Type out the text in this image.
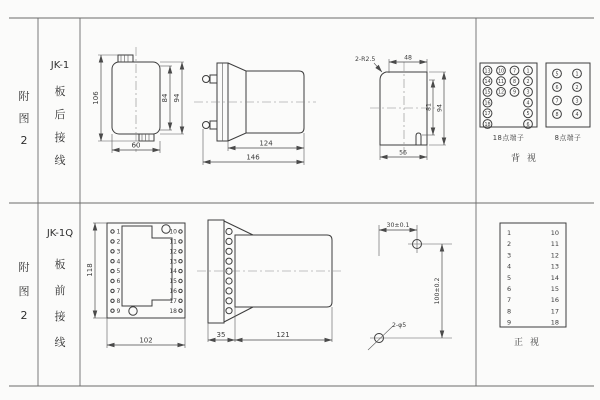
106	84 94
60	124
146
2-R2.5	48
56
81 94
13 10 7 1
14 11 8 2
15 12 9 3
16	4
17	5
18	6
18点端子
5	1
6	2
7	3
8	4
8点端子
背视
1
2
3
4
5
6
7
8
9
10
11
12
13
14
15
16
17
18
118
102
35	121
30±0.1
100±0.2
2-φ5
1
2
3
4
5
6
7
8
9
10
11
12
13
14
15
16
17
18
正视
附图2
JK-1
板后接线
附图2
JK-1Q
板前接线
